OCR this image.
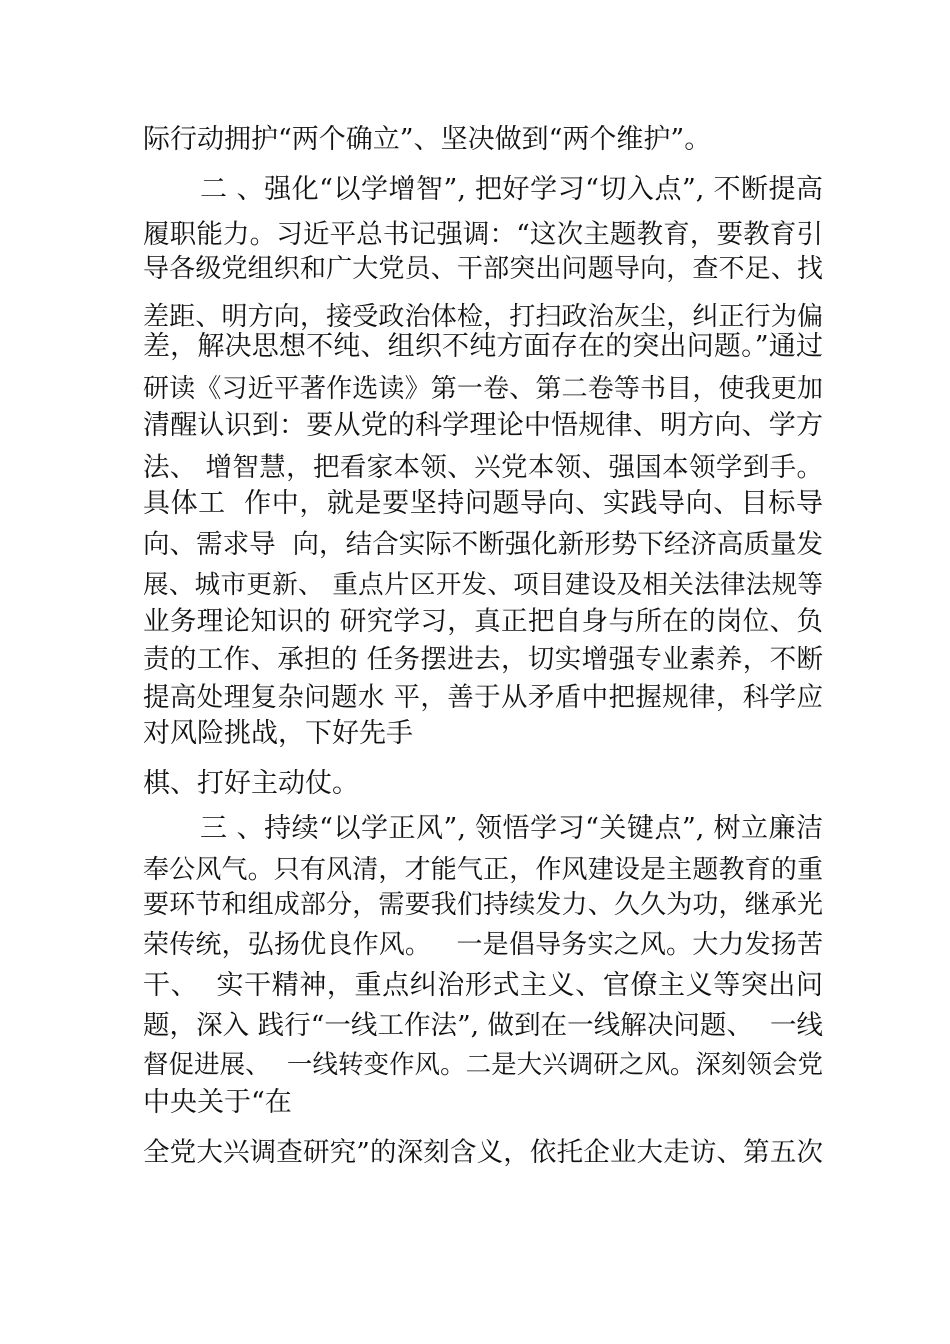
际行动拥护“两个确立”、坚决做到“两个维护”。
二 、强化“以学增智”, 把好学习“切入点”, 不断提高
履职能力。习近平总书记强调：“这次主题教育，要教育引
导各级党组织和广大党员、干部突出问题导向，查不足、找
差距、明方向，接受政治体检，打扫政治灰尘，纠正行为偏
差，解决思想不纯、组织不纯方面存在的突出问题。”通过
研读《习近平著作选读》第一卷、第二卷等书目，使我更加
清醒认识到：要从党的科学理论中悟规律、明方向、学方
法、 增智慧，把看家本领、兴党本领、强国本领学到手。
具体工  作中，就是要坚持问题导向、实践导向、目标导
向、需求导  向，结合实际不断强化新形势下经济高质量发
展、城市更新、 重点片区开发、项目建设及相关法律法规等
业务理论知识的 研究学习，真正把自身与所在的岗位、负
责的工作、承担的 任务摆进去，切实增强专业素养，不断
提高处理复杂问题水 平，善于从矛盾中把握规律，科学应
对风险挑战，下好先手
棋、打好主动仗。
三 、持续“以学正风”, 领悟学习“关键点”, 树立廉洁
奉公风气。只有风清，才能气正，作风建设是主题教育的重
要环节和组成部分，需要我们持续发力、久久为功，继承光
荣传统，弘扬优良作风。   一是倡导务实之风。大力发扬苦
干、  实干精神，重点纠治形式主义、官僚主义等突出问
题，深入 践行“一线工作法”, 做到在一线解决问题、  一线
督促进展、  一线转变作风。二是大兴调研之风。深刻领会党
中央关于“在
全党大兴调查研究”的深刻含义，依托企业大走访、第五次
